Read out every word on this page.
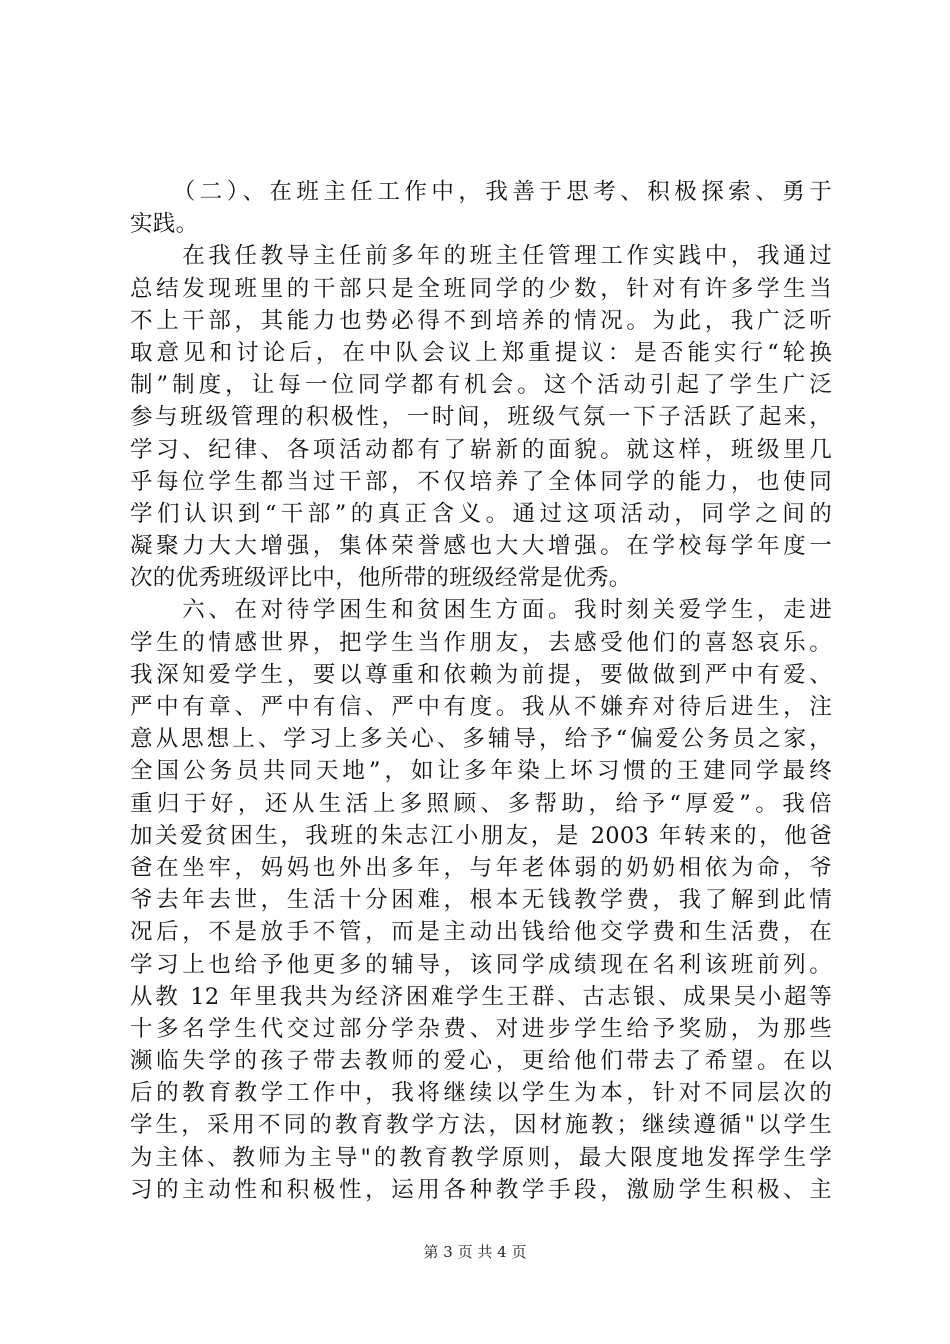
　　（二）、在班主任工作中，我善于思考、积极探索、勇于
实践。
　　在我任教导主任前多年的班主任管理工作实践中，我通过
总结发现班里的干部只是全班同学的少数，针对有许多学生当
不上干部，其能力也势必得不到培养的情况。为此，我广泛听
取意见和讨论后，在中队会议上郑重提议：是否能实行“轮换
制”制度，让每一位同学都有机会。这个活动引起了学生广泛
参与班级管理的积极性，一时间，班级气氛一下子活跃了起来，
学习、纪律、各项活动都有了崭新的面貌。就这样，班级里几
乎每位学生都当过干部，不仅培养了全体同学的能力，也使同
学们认识到“干部”的真正含义。通过这项活动，同学之间的
凝聚力大大增强，集体荣誉感也大大增强。在学校每学年度一
次的优秀班级评比中，他所带的班级经常是优秀。
　　六、在对待学困生和贫困生方面。我时刻关爱学生，走进
学生的情感世界，把学生当作朋友，去感受他们的喜怒哀乐。
我深知爱学生，要以尊重和依赖为前提，要做做到严中有爱、
严中有章、严中有信、严中有度。我从不嫌弃对待后进生，注
意从思想上、学习上多关心、多辅导，给予“偏爱公务员之家，
全国公务员共同天地”，如让多年染上坏习惯的王建同学最终
重归于好，还从生活上多照顾、多帮助，给予“厚爱”。我倍
加关爱贫困生，我班的朱志江小朋友，是 2003 年转来的，他爸
爸在坐牢，妈妈也外出多年，与年老体弱的奶奶相依为命，爷
爷去年去世，生活十分困难，根本无钱教学费，我了解到此情
况后，不是放手不管，而是主动出钱给他交学费和生活费，在
学习上也给予他更多的辅导，该同学成绩现在名利该班前列。
从教 12 年里我共为经济困难学生王群、古志银、成果吴小超等
十多名学生代交过部分学杂费、对进步学生给予奖励，为那些
濒临失学的孩子带去教师的爱心，更给他们带去了希望。在以
后的教育教学工作中，我将继续以学生为本，针对不同层次的
学生，采用不同的教育教学方法，因材施教；继续遵循"以学生
为主体、教师为主导"的教育教学原则，最大限度地发挥学生学
习的主动性和积极性，运用各种教学手段，激励学生积极、主
第 3 页 共 4 页
